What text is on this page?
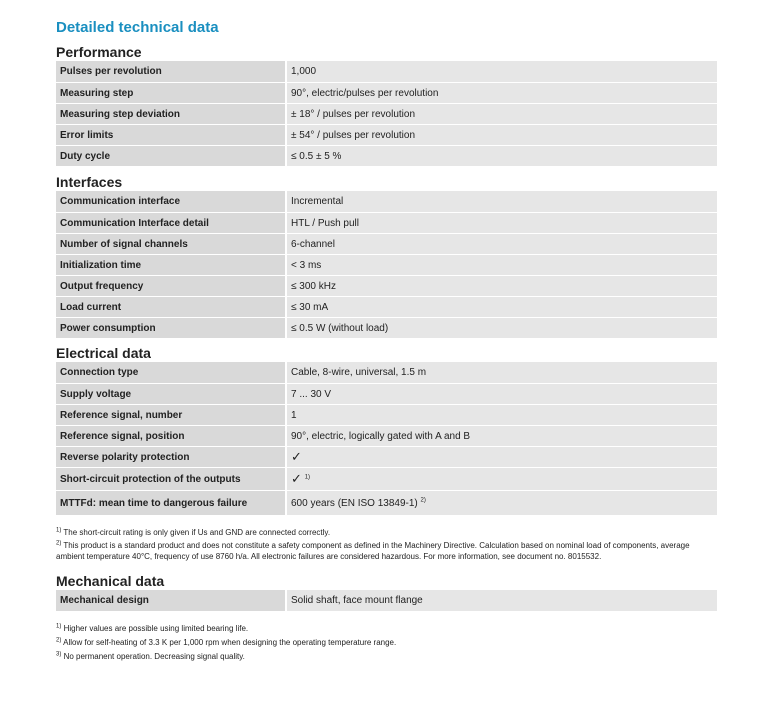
Detailed technical data
Performance
Pulses per revolution	1,000
Measuring step	90°, electric/pulses per revolution
Measuring step deviation	± 18° / pulses per revolution
Error limits	± 54° / pulses per revolution
Duty cycle	≤ 0.5 ± 5 %
Interfaces
Communication interface	Incremental
Communication Interface detail	HTL / Push pull
Number of signal channels	6-channel
Initialization time	< 3 ms
Output frequency	≤ 300 kHz
Load current	≤ 30 mA
Power consumption	≤ 0.5 W (without load)
Electrical data
Connection type	Cable, 8-wire, universal, 1.5 m
Supply voltage	7 ... 30 V
Reference signal, number	1
Reference signal, position	90°, electric, logically gated with A and B
Reverse polarity protection	✓
Short-circuit protection of the outputs	✓ $^{1)}$
MTTFd: mean time to dangerous failure	600 years (EN ISO 13849-1) $^{2)}$

$^{1)}$ The short-circuit rating is only given if Us and GND are connected correctly.

$^{2)}$ This product is a standard product and does not constitute a safety component as defined in the Machinery Directive. Calculation based on nominal load of components, average ambient temperature 40°C, frequency of use 8760 h/a. All electronic failures are considered hazardous. For more information, see document no. 8015532.

Mechanical data
Mechanical design	Solid shaft, face mount flange

$^{1)}$ Higher values are possible using limited bearing life.

$^{2)}$ Allow for self-heating of 3.3 K per 1,000 rpm when designing the operating temperature range.

$^{3)}$ No permanent operation. Decreasing signal quality.
